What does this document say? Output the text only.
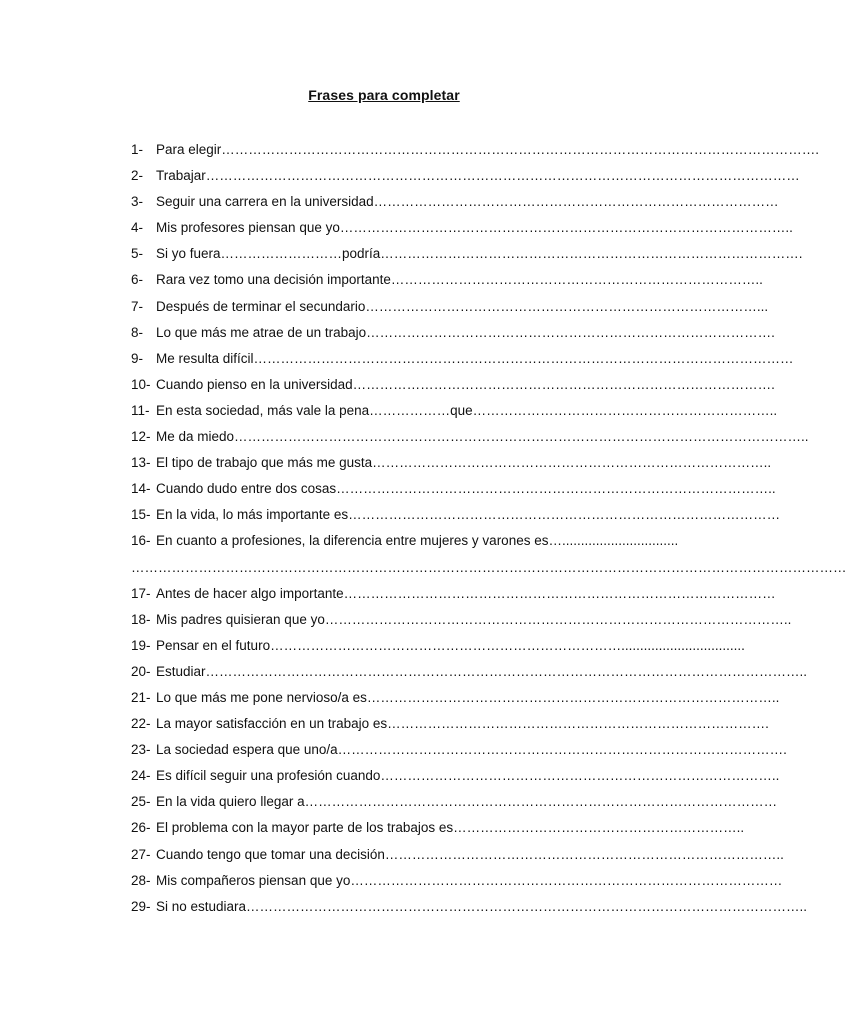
Frases para completar
1- Para elegir…………………………………………………………………………………………………………………….
2- Trabajar……………………………………………………………………………………………………………………
3- Seguir una carrera en la universidad………………………………………………………………………………
4- Mis profesores piensan que yo………………………………………………………………………………………..
5- Si yo fuera………………………podría………………………………………………………………………………….
6- Rara vez tomo una decisión importante………………………………………………………………………..
7- Después de terminar el secundario……………………………………………………………………………...
8- Lo que más me atrae de un trabajo……………………………………………………………………………….
9- Me resulta difícil…………………………………………………………………………………………………………
10- Cuando pienso en la universidad………………………………………………………………………………….
11- En esta sociedad, más vale la pena………………que…………………………………………………………..
12- Me da miedo………………………………………………………………………………………………………………..
13- El tipo de trabajo que más me gusta……………………………………………………………………………..
14- Cuando dudo entre dos cosas……………………………………………………………………………………..
15- En la vida, lo más importante es……………………………………………………………………………………
16- En cuanto a profesiones, la diferencia entre mujeres y varones es…...............................
……………………………………………………………………………………………………………………………………………
17- Antes de hacer algo importante……………………………………………………………………………………
18- Mis padres quisieran que yo…………………………………………………………………………………………..
19- Pensar en el futuro…………………………………………………………………….................................
20- Estudiar……………………………………………………………………………………………………………………..
21- Lo que más me pone nervioso/a es………………………………………………………………………………..
22- La mayor satisfacción en un trabajo es………………………………………………………………………….
23- La sociedad espera que uno/a……………………………………………………………………………………….
24- Es difícil seguir una profesión cuando……………………………………………………………………………..
25- En la vida quiero llegar a……………………………………………………………………………………………
26- El problema con la mayor parte de los trabajos es………………………………………………………..
27- Cuando tengo que tomar una decisión……………………………………………………………………………..
28- Mis compañeros piensan que yo……………………………………………………………………………………
29- Si no estudiara……………………………………………………………………………………………………………..
